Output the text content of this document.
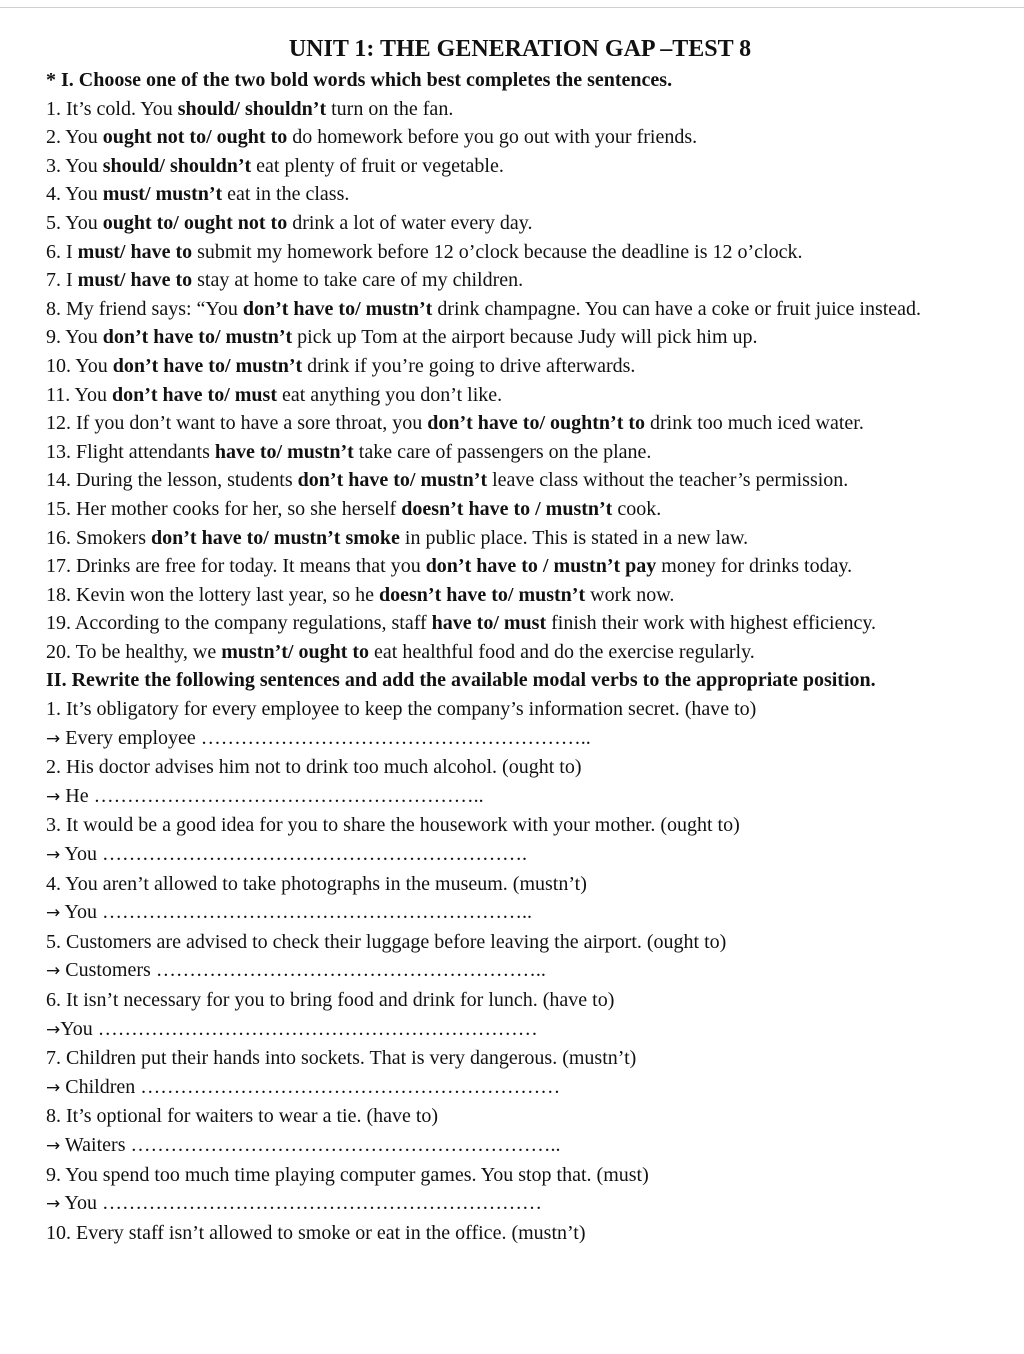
UNIT 1: THE GENERATION GAP –TEST 8
* I. Choose one of the two bold words which best completes the sentences.
1. It’s cold. You should/ shouldn’t turn on the fan.
2. You ought not to/ ought to do homework before you go out with your friends.
3. You should/ shouldn’t eat plenty of fruit or vegetable.
4. You must/ mustn’t eat in the class.
5. You ought to/ ought not to drink a lot of water every day.
6. I must/ have to submit my homework before 12 o’clock because the deadline is 12 o’clock.
7. I must/ have to stay at home to take care of my children.
8. My friend says: “You don’t have to/ mustn’t drink champagne. You can have a coke or fruit juice instead.
9. You don’t have to/ mustn’t pick up Tom at the airport because Judy will pick him up.
10. You don’t have to/ mustn’t drink if you’re going to drive afterwards.
11. You don’t have to/ must eat anything you don’t like.
12. If you don’t want to have a sore throat, you don’t have to/ oughtn’t to drink too much iced water.
13. Flight attendants have to/ mustn’t take care of passengers on the plane.
14. During the lesson, students don’t have to/ mustn’t leave class without the teacher’s permission.
15. Her mother cooks for her, so she herself doesn’t have to / mustn’t cook.
16. Smokers don’t have to/ mustn’t smoke in public place. This is stated in a new law.
17. Drinks are free for today. It means that you don’t have to / mustn’t pay money for drinks today.
18. Kevin won the lottery last year, so he doesn’t have to/ mustn’t work now.
19. According to the company regulations, staff have to/ must finish their work with highest efficiency.
20. To be healthy, we mustn’t/ ought to eat healthful food and do the exercise regularly.
II. Rewrite the following sentences and add the available modal verbs to the appropriate position.
1. It’s obligatory for every employee to keep the company’s information secret. (have to)
→ Every employee …………………………………………………..
2. His doctor advises him not to drink too much alcohol. (ought to)
→ He …………………………………………………..
3. It would be a good idea for you to share the housework with your mother. (ought to)
→ You ……………………………………………………….
4. You aren’t allowed to take photographs in the museum. (mustn’t)
→ You ………………………………………………………..
5. Customers are advised to check their luggage before leaving the airport. (ought to)
→ Customers …………………………………………………..
6. It isn’t necessary for you to bring food and drink for lunch. (have to)
→You …………………………………………………………
7. Children put their hands into sockets. That is very dangerous. (mustn’t)
→ Children ………………………………………………………
8. It’s optional for waiters to wear a tie. (have to)
→ Waiters ………………………………………………………..
9. You spend too much time playing computer games. You stop that. (must)
→ You …………………………………………………………
10. Every staff isn’t allowed to smoke or eat in the office. (mustn’t)
